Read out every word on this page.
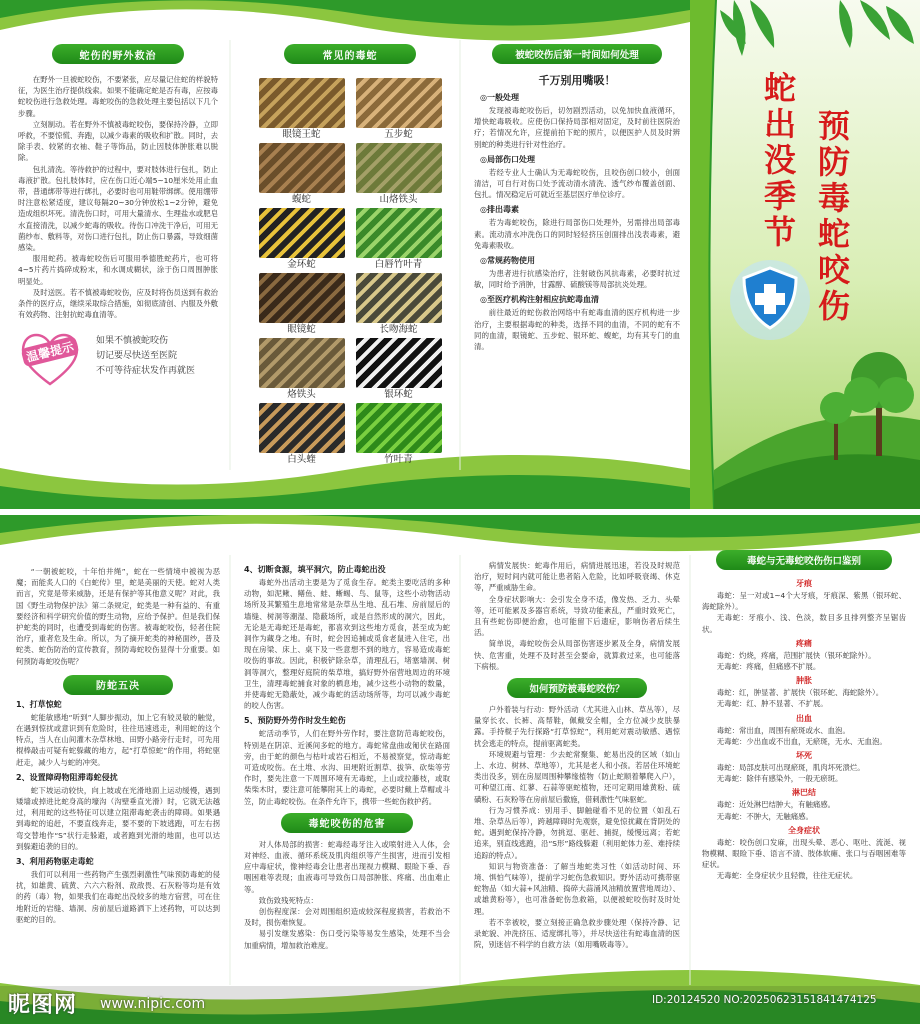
蛇伤的野外救治

在野外一旦被蛇咬伤，不要紧张，应尽量记住蛇的样貌特征，为医生治疗提供线索。如果不能确定蛇是否有毒，应按毒蛇咬伤进行急救处理。毒蛇咬伤的急救处理主要包括以下几个步骤。

立刻制动。若在野外不慎被毒蛇咬伤，要保持冷静，立即呼救，不要惊慌、奔跑，以减少毒素的吸收和扩散。同时，去除手表、较紧的衣袖、鞋子等饰品，防止因肢体肿胀难以脱除。

包扎清洗。等待救护的过程中，要对肢体进行包扎，防止毒液扩散。包扎肢体时，应在伤口近心端5~10厘米处用止血带，普通绑带等进行绑扎，必要时也可用鞋带绑绑。使用绷带时注意松紧适度，建议每隔20~30分钟放松1~2分钟，避免造成组织坏死。清洗伤口时，可用大量清水、生理盐水或肥皂水直接清洗，以减少蛇毒的吸收。待伤口冲洗干净后，可用无菌纱布、敷料等，对伤口进行包扎，防止伤口暴露，导致细菌感染。

服用蛇药。被毒蛇咬伤后可服用季德胜蛇药片，也可将4~5片药片捣碎成粉末，和水调成糊状，涂于伤口周围肿胀明显处。

及时送医。若不慎被毒蛇咬伤，应及时将伤员送到有救治条件的医疗点，继续采取综合措施，如彻底清创、内服及外敷有效药物、注射抗蛇毒血清等。

温馨提示	如果不慎被蛇咬伤
切记要尽快送至医院
不可等待症状发作再就医
常见的毒蛇
眼镜王蛇	五步蛇
蝮蛇	山烙铁头
金环蛇	白唇竹叶青
眼镜蛇	长吻海蛇
烙铁头	银环蛇
白头蝰	竹叶青
被蛇咬伤后第一时间如何处理
千万别用嘴吸！
◎一般处理

发现被毒蛇咬伤后，切勿剧烈活动，以免加快血液循环，增快蛇毒吸收。应使伤口保持局部相对固定，及时前往医院治疗；若情况允许，应提前拍下蛇的照片，以便医护人员及时辨别蛇的种类进行针对性治疗。

◎局部伤口处理

若经专业人士确认为无毒蛇咬伤，且咬伤创口较小，创面清洁，可自行对伤口处予流动清水清洗、透气纱布覆盖创面、包扎。情况稳定后可就近至基层医疗单位诊疗。

◎排出毒素

若为毒蛇咬伤，除进行局部伤口处理外，另需排出局部毒素。流动清水冲洗伤口的同时轻轻挤压创面排出浅表毒素，避免毒素吸收。

◎常规药物使用

为患者进行抗感染治疗，注射破伤风抗毒素，必要时抗过敏，同时给予消肿，甘露醇、硫酸镁等局部抗炎处理。

◎至医疗机构注射相应抗蛇毒血清

前往最近的蛇伤救治网络中有蛇毒血清的医疗机构进一步治疗，主要根据毒蛇的种类，选择不同的血清，不同的蛇有不同的血清，眼镜蛇、五步蛇、银环蛇、蝮蛇，均有其专门的血清。

蛇出没季节
预防毒蛇咬伤

“一朝被蛇咬，十年怕井绳”，蛇在一些情境中被视为恶魔；而能炙人口的《白蛇传》里，蛇是美丽的天使。蛇对人类而言，究竟是带来威胁，还是有保护等其他意义呢？对此，我国《野生动物保护法》第二条规定，蛇类是一种有益的、有重要经济和科学研究价值的野生动物，应给予保护。但是我们保护蛇类的同时，也遭受到毒蛇的伤害。被毒蛇咬伤，轻者住院治疗，重者危及生命。所以，为了摘开蛇类的神秘面纱，普及蛇类、蛇伤防治的宣传教育，预防毒蛇咬伤显得十分重要。如何预防毒蛇咬伤呢？

防蛇五决
1、打草惊蛇

蛇能敏感地“听到”人脚步振动，加上它有较灵敏的触觉，在遇到惊扰或意识到有危险时，往往迅速逃走，利用蛇的这个特点，当人在山间灌木杂草林地、田野小路旁行走时，可先用棍棒敲击可疑有蛇躲藏的地方，起“打草惊蛇”的作用，将蛇驱赶走，减少人与蛇的冲突。

2、设置障碍物阻滞毒蛇侵扰

蛇下坡运动较快，向上坡或在光滑地面上运动缓慢，遇到矮墙或掉进比蛇身高的壕沟（沟壁垂直光滑）时，它就无法越过，利用蛇的这些特征可以建立阻滞毒蛇袭击的障碍。如果遇到毒蛇的追赶，不要直线奔走，要不要的下坡逃跑，可左右拐弯交替地作“S”状行走躲避，或者跑到光滑的地面，也可以达到躲避追袭的目的。

3、利用药物驱走毒蛇

我们可以利用一些药物产生强烈刺激性气味预防毒蛇的侵扰，如雄黄、硫黄、六六六粉剂、敌敌畏、石灰粉等均是有效的药（毒）物，如果我们在毒蛇出没较多的地方宿营，可在住地附近的岩缝、墙洞、房前屋后道路洒下上述药物，可以达到驱蛇的目的。

4、切断食源，填平洞穴，防止毒蛇出没

毒蛇外出活动主要是为了觅食生存。蛇类主要吃活的多种动物，如泥鳅、鳝鱼、蛙、蜥蜴、鸟、鼠等，这些小动物活动场所及其繁殖生息地常常是杂草丛生地、乱石堆、房前屋后的墙缝、树洞等潮湿、隐蔽场所，或是自然形成的洞穴，因此，无论是无毒蛇还是毒蛇，都喜欢到这些地方觅食，甚至成为蛇洞作为藏身之地。有时，蛇会因追捕或觅食老鼠进入住宅，出现在房梁、床上、桌下及一些意想不到的地方，容易造成毒蛇咬伤的事故。因此，积极铲除杂草，清理乱石，堵塞墙洞、树洞等洞穴，整理好庭院的柴草堆，搞好野外宿营地周边的环境卫生，清理毒蛇捕食对象的栖息地，减少这些小动物的数量，并使毒蛇无隐蔽处，减少毒蛇的活动场所等，均可以减少毒蛇的咬人伤害。

5、预防野外劳作时发生蛇伤

蛇活动季节，人们在野外劳作时，要注意防范毒蛇咬伤，特别是在阴凉、近溪间多蛇的地方。毒蛇常盘曲或匍伏在路面旁，由于蛇的颜色与枯叶或岩石相近，不易被察觉，惊动毒蛇可造成咬伤。在土堆、水沟、田埂附近割草、拔笋、砍柴等劳作时，要先注意一下周围环境有无毒蛇，上山或拉藤枝，或取柴柴木时，要注意可能攀附其上的毒蛇，必要时戴上草帽或斗笠，防止毒蛇咬伤。在条件允许下，携带一些蛇伤救护药。

毒蛇咬伤的危害

对人体局部的损害：蛇毒经毒牙注入或喷射进入人体，会对神经、血液、循环系统及肌肉组织等产生损害，进而引发相应中毒症状，像神经毒会让患者出现视力模糊、眼睑下垂、吞咽困难等表现；血液毒可导致伤口局部肿胀、疼痛、出血难止等。

致伤致残死特点：

创伤程度深：会对周围组织造成较深程度损害，若救治不及时，损伤难恢复。

易引发继发感染：伤口受污染等易发生感染，处理不当会加重病情，增加救治难度。

病情发展快：蛇毒作用后，病情进展迅速，若没及时规范治疗，短时间内就可能让患者陷入危险，比如呼吸衰竭、休克等，严重威胁生命。

全身症状影响大：会引发全身不适，像发热、乏力、头晕等，还可能累及多器官系统，导致功能紊乱，严重时致死亡，且有些蛇伤即便治愈，也可能留下后遗症，影响伤者后续生活。

简单说，毒蛇咬伤会从局部伤害逐步累及全身，病情发展快、危害重，处理不及时甚至会要命，就算救过来，也可能落下病根。

如何预防被毒蛇咬伤？

户外着装与行动：野外活动（尤其进入山林、草丛等），尽量穿长衣、长裤、高帮鞋，佩戴安全帽，全方位减少皮肤暴露。手持棍子先行探路“打草惊蛇”，利用蛇对震动敏感、遇惊扰会逃走的特点，提前驱离蛇类。

环境规避与管理：少去蛇常聚集、蛇易出没的区域（如山上、水边、树林、草地等），尤其是老人和小孩。若居住环境蛇类出没多，别在房屋周围种攀缘植物（防止蛇顺着攀爬入户），可种望江南、红蓼、石蒜等驱蛇植物，还可定期用雄黄粉、硫磺粉、石灰粉等在房前屋后撒施，借刺激性气味驱蛇。

行为习惯养成：别用手、脚触碰看不见的位置（如乱石堆、杂草丛后等），跨越障碍时先观察，避免惊扰藏在背阴处的蛇。遇到蛇保持冷静，勿挑逗、驱赶、捕捉，缓慢远离；若蛇追来，别直线逃跑，沿“S形”路线躲避（利用蛇体力差、难持续追踪的特点）。

知识与物资准备：了解当地蛇类习性（如活动时间、环境、惧怕气味等），提前学习蛇伤急救知识。野外活动可携带驱蛇物品（如大蒜+风油精、捣碎大蒜涌风油精放置营地周边）、或雄黄粉等），也可准备蛇伤急救箱，以便被蛇咬伤时及时处理。

若不幸被咬，要立刻接正确急救步骤处理（保持冷静、记录蛇貌、冲洗挤压、适度绑扎等），并尽快送往有蛇毒血清的医院，别迷信不科学的自救方法（如用嘴吸毒等）。

毒蛇与无毒蛇咬伤伤口鉴别
牙痕

毒蛇：呈一对或1~4个大牙痕，牙痕深、紫黑（银环蛇、海蛇除外）。

无毒蛇：牙痕小、浅、色淡，数目多且排列整齐呈锯齿状。

疼痛

毒蛇：灼烧，疼痛，范围扩展快（银环蛇除外）。

无毒蛇：疼痛，但痛感不扩展。

肿胀

毒蛇：红，肿显著、扩展快（银环蛇、海蛇除外）。

无毒蛇：红、肿不显著、不扩展。

出血

毒蛇：常出血，周围有瘀斑或水、血泡。

无毒蛇：少出血或不出血，无瘀斑，无水、无血泡。

坏死

毒蛇：局部皮肤可出现瘀斑，肌肉坏死溃烂。

无毒蛇：除伴有感染外，一般无瘀斑。

淋巴结

毒蛇：近处淋巴结肿大，有触痛感。

无毒蛇：不肿大，无触痛感。

全身症状

毒蛇：咬伤创口发麻，出现头晕、恶心、呕吐、流涎、视物模糊、眼睑下垂、语言不清、肢体软瘫、张口与吞咽困难等症状。

无毒蛇：全身症状少且轻微，往往无症状。

昵图网 www.nipic.com	ID:20124520 NO:20250623151841474125
